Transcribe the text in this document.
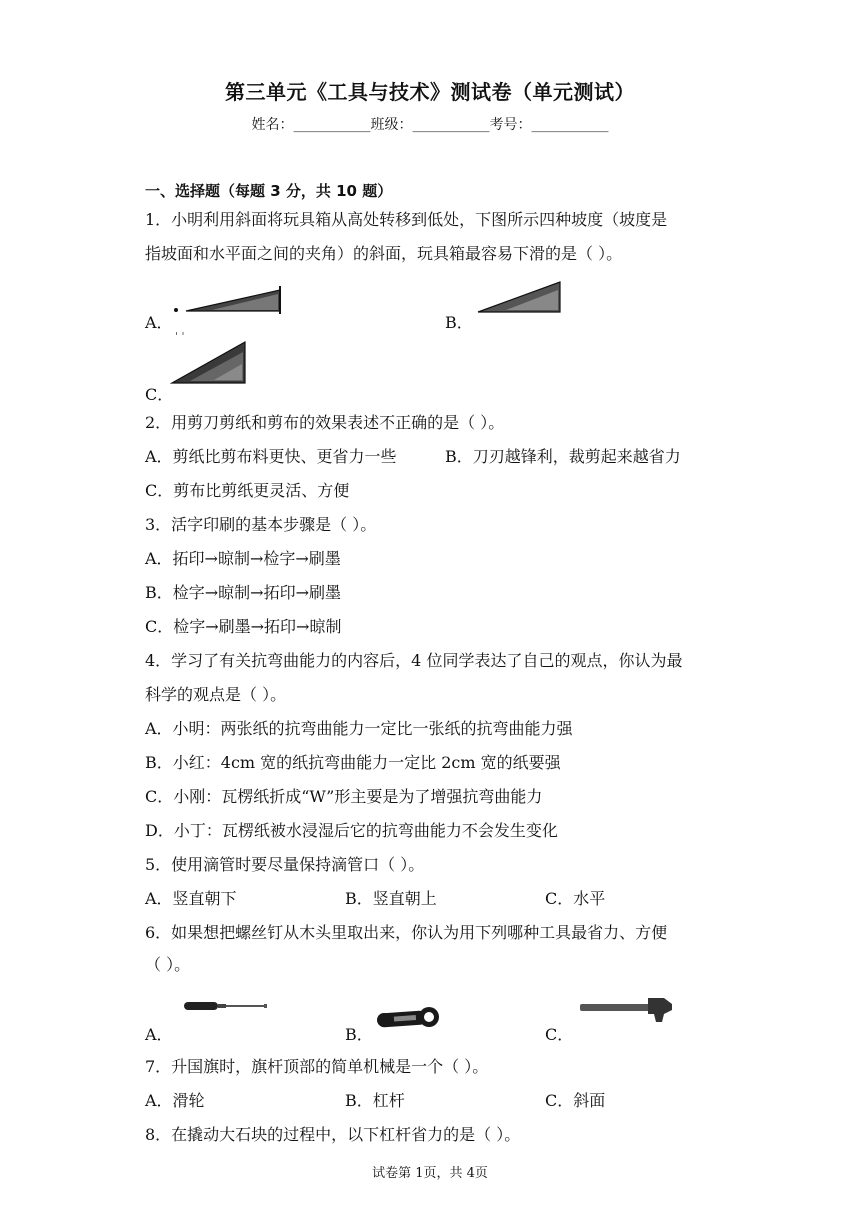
第三单元《工具与技术》测试卷（单元测试）
姓名：___________班级：___________考号：___________
一、选择题（每题 3 分，共 10 题）
1．小明利用斜面将玩具箱从高处转移到低处，下图所示四种坡度（坡度是
指坡面和水平面之间的夹角）的斜面，玩具箱最容易下滑的是（ ）。
A．	B．
' '
C．
2．用剪刀剪纸和剪布的效果表述不正确的是（ ）。
A．剪纸比剪布料更快、更省力一些	B．刀刃越锋利，裁剪起来越省力
C．剪布比剪纸更灵活、方便
3．活字印刷的基本步骤是（ ）。
A．拓印→晾制→检字→刷墨
B．检字→晾制→拓印→刷墨
C．检字→刷墨→拓印→晾制
4．学习了有关抗弯曲能力的内容后，4 位同学表达了自己的观点，你认为最
科学的观点是（ ）。
A．小明：两张纸的抗弯曲能力一定比一张纸的抗弯曲能力强
B．小红：4cm 宽的纸抗弯曲能力一定比 2cm 宽的纸要强
C．小刚：瓦楞纸折成“W”形主要是为了增强抗弯曲能力
D．小丁：瓦楞纸被水浸湿后它的抗弯曲能力不会发生变化
5．使用滴管时要尽量保持滴管口（ ）。
A．竖直朝下	B．竖直朝上	C．水平
6．如果想把螺丝钉从木头里取出来，你认为用下列哪种工具最省力、方便
（ ）。
A．	B．	C．
7．升国旗时，旗杆顶部的简单机械是一个（ ）。
A．滑轮	B．杠杆	C．斜面
8．在撬动大石块的过程中，以下杠杆省力的是（ ）。
试卷第 1页，共 4页
